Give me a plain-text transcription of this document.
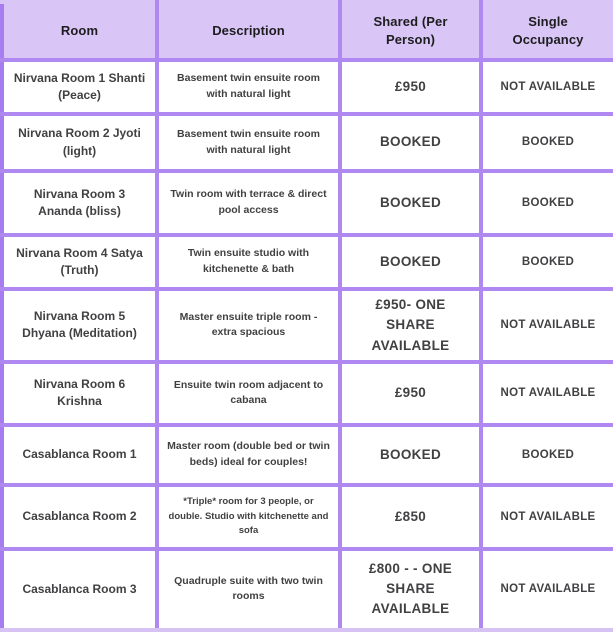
Room	Description	Shared (Per Person)	Single Occupancy
Nirvana Room 1 Shanti (Peace)	Basement twin ensuite room with natural light	£950	NOT AVAILABLE
Nirvana Room 2 Jyoti (light)	Basement twin ensuite room with natural light	BOOKED	BOOKED
Nirvana Room 3 Ananda (bliss)	Twin room with terrace & direct pool access	BOOKED	BOOKED
Nirvana Room 4 Satya (Truth)	Twin ensuite studio with kitchenette & bath	BOOKED	BOOKED
Nirvana Room 5 Dhyana (Meditation)	Master ensuite triple room - extra spacious	£950- ONE SHARE AVAILABLE	NOT AVAILABLE
Nirvana Room 6 Krishna	Ensuite twin room adjacent to cabana	£950	NOT AVAILABLE
Casablanca Room 1	Master room (double bed or twin beds) ideal for couples!	BOOKED	BOOKED
Casablanca Room 2	*Triple* room for 3 people, or double. Studio with kitchenette and sofa	£850	NOT AVAILABLE
Casablanca Room 3	Quadruple suite with two twin rooms	£800 - - ONE SHARE AVAILABLE	NOT AVAILABLE
